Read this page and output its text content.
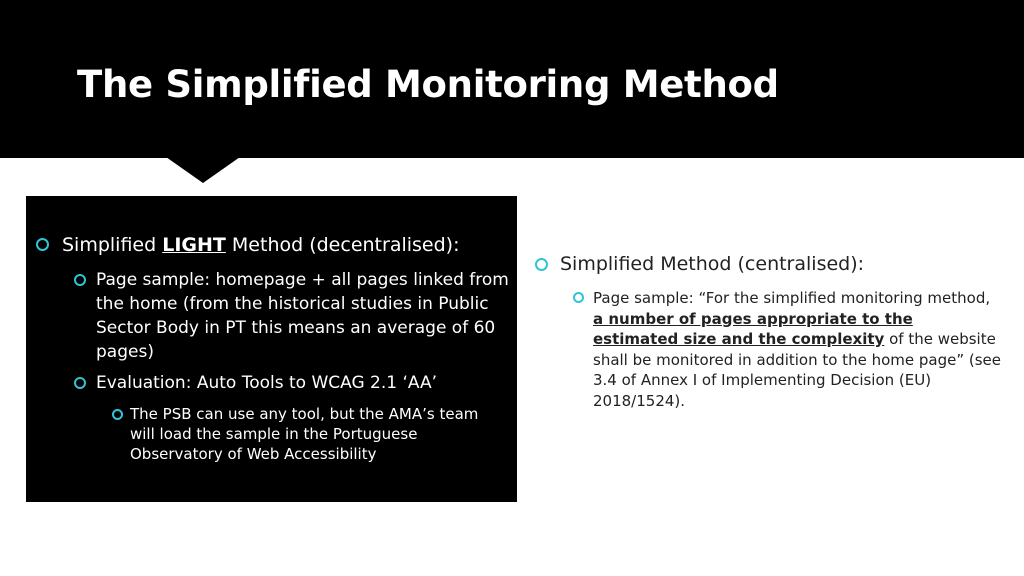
The Simplified Monitoring Method

Simplified LIGHT Method (decentralised):

Page sample: homepage + all pages linked from the home (from the historical studies in Public Sector Body in PT this means an average of 60 pages)

Evaluation: Auto Tools to WCAG 2.1 ‘AA’

The PSB can use any tool, but the AMA’s team will load the sample in the Portuguese Observatory of Web Accessibility

Simplified Method (centralised):

Page sample: “For the simplified monitoring method, a number of pages appropriate to the estimated size and the complexity of the website shall be monitored in addition to the home page” (see 3.4 of Annex I of Implementing Decision (EU) 2018/1524).
